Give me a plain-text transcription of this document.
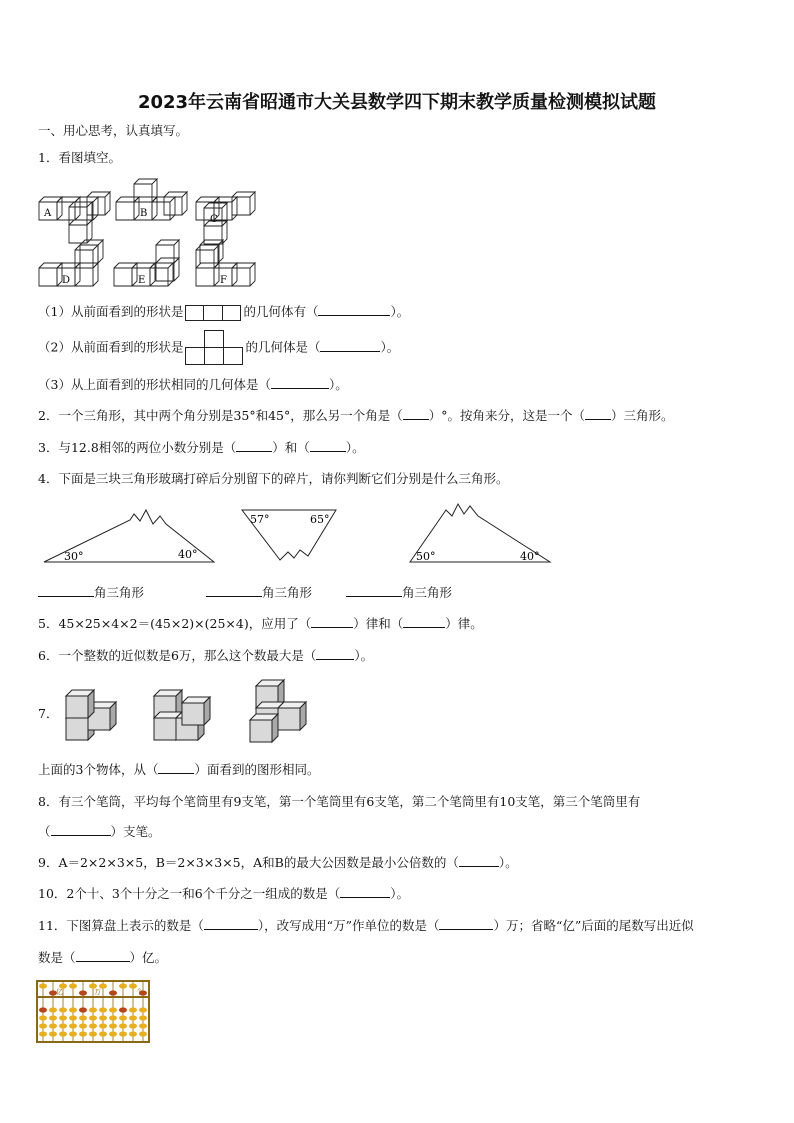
2023年云南省昭通市大关县数学四下期末教学质量检测模拟试题
一、用心思考，认真填写。
1．看图填空。
A	B
C
D	E	F
（1）从前面看到的形状是	的几何体有（	）。
（2）从前面看到的形状是	的几何体是（	）。
（3）从上面看到的形状相同的几何体是（	）。
2．一个三角形，其中两个角分别是35°和45°，那么另一个角是（ ）°。按角来分，这是一个（ ）三角形。
3．与12.8相邻的两位小数分别是（	）和（	）。
4．下面是三块三角形玻璃打碎后分别留下的碎片，请你判断它们分别是什么三角形。
30°	40°
57°	65°
50°	40°
角三角形	角三角形	角三角形
5．45×25×4×2＝(45×2)×(25×4)，应用了（	）律和（	）律。
6．一个整数的近似数是6万，那么这个数最大是（	）。
7．
上面的3个物体，从（	）面看到的图形相同。
8．有三个笔筒，平均每个笔筒里有9支笔，第一个笔筒里有6支笔，第二个笔筒里有10支笔，第三个笔筒里有
（	）支笔。
9．A＝2×2×3×5，B＝2×3×3×5，A和B的最大公因数是最小公倍数的（	）。
10．2个十、3个十分之一和6个千分之一组成的数是（	）。
11．下图算盘上表示的数是（	），改写成用“万”作单位的数是（	）万；省略“亿”后面的尾数写出近似
数是（	）亿。
亿	万	个
